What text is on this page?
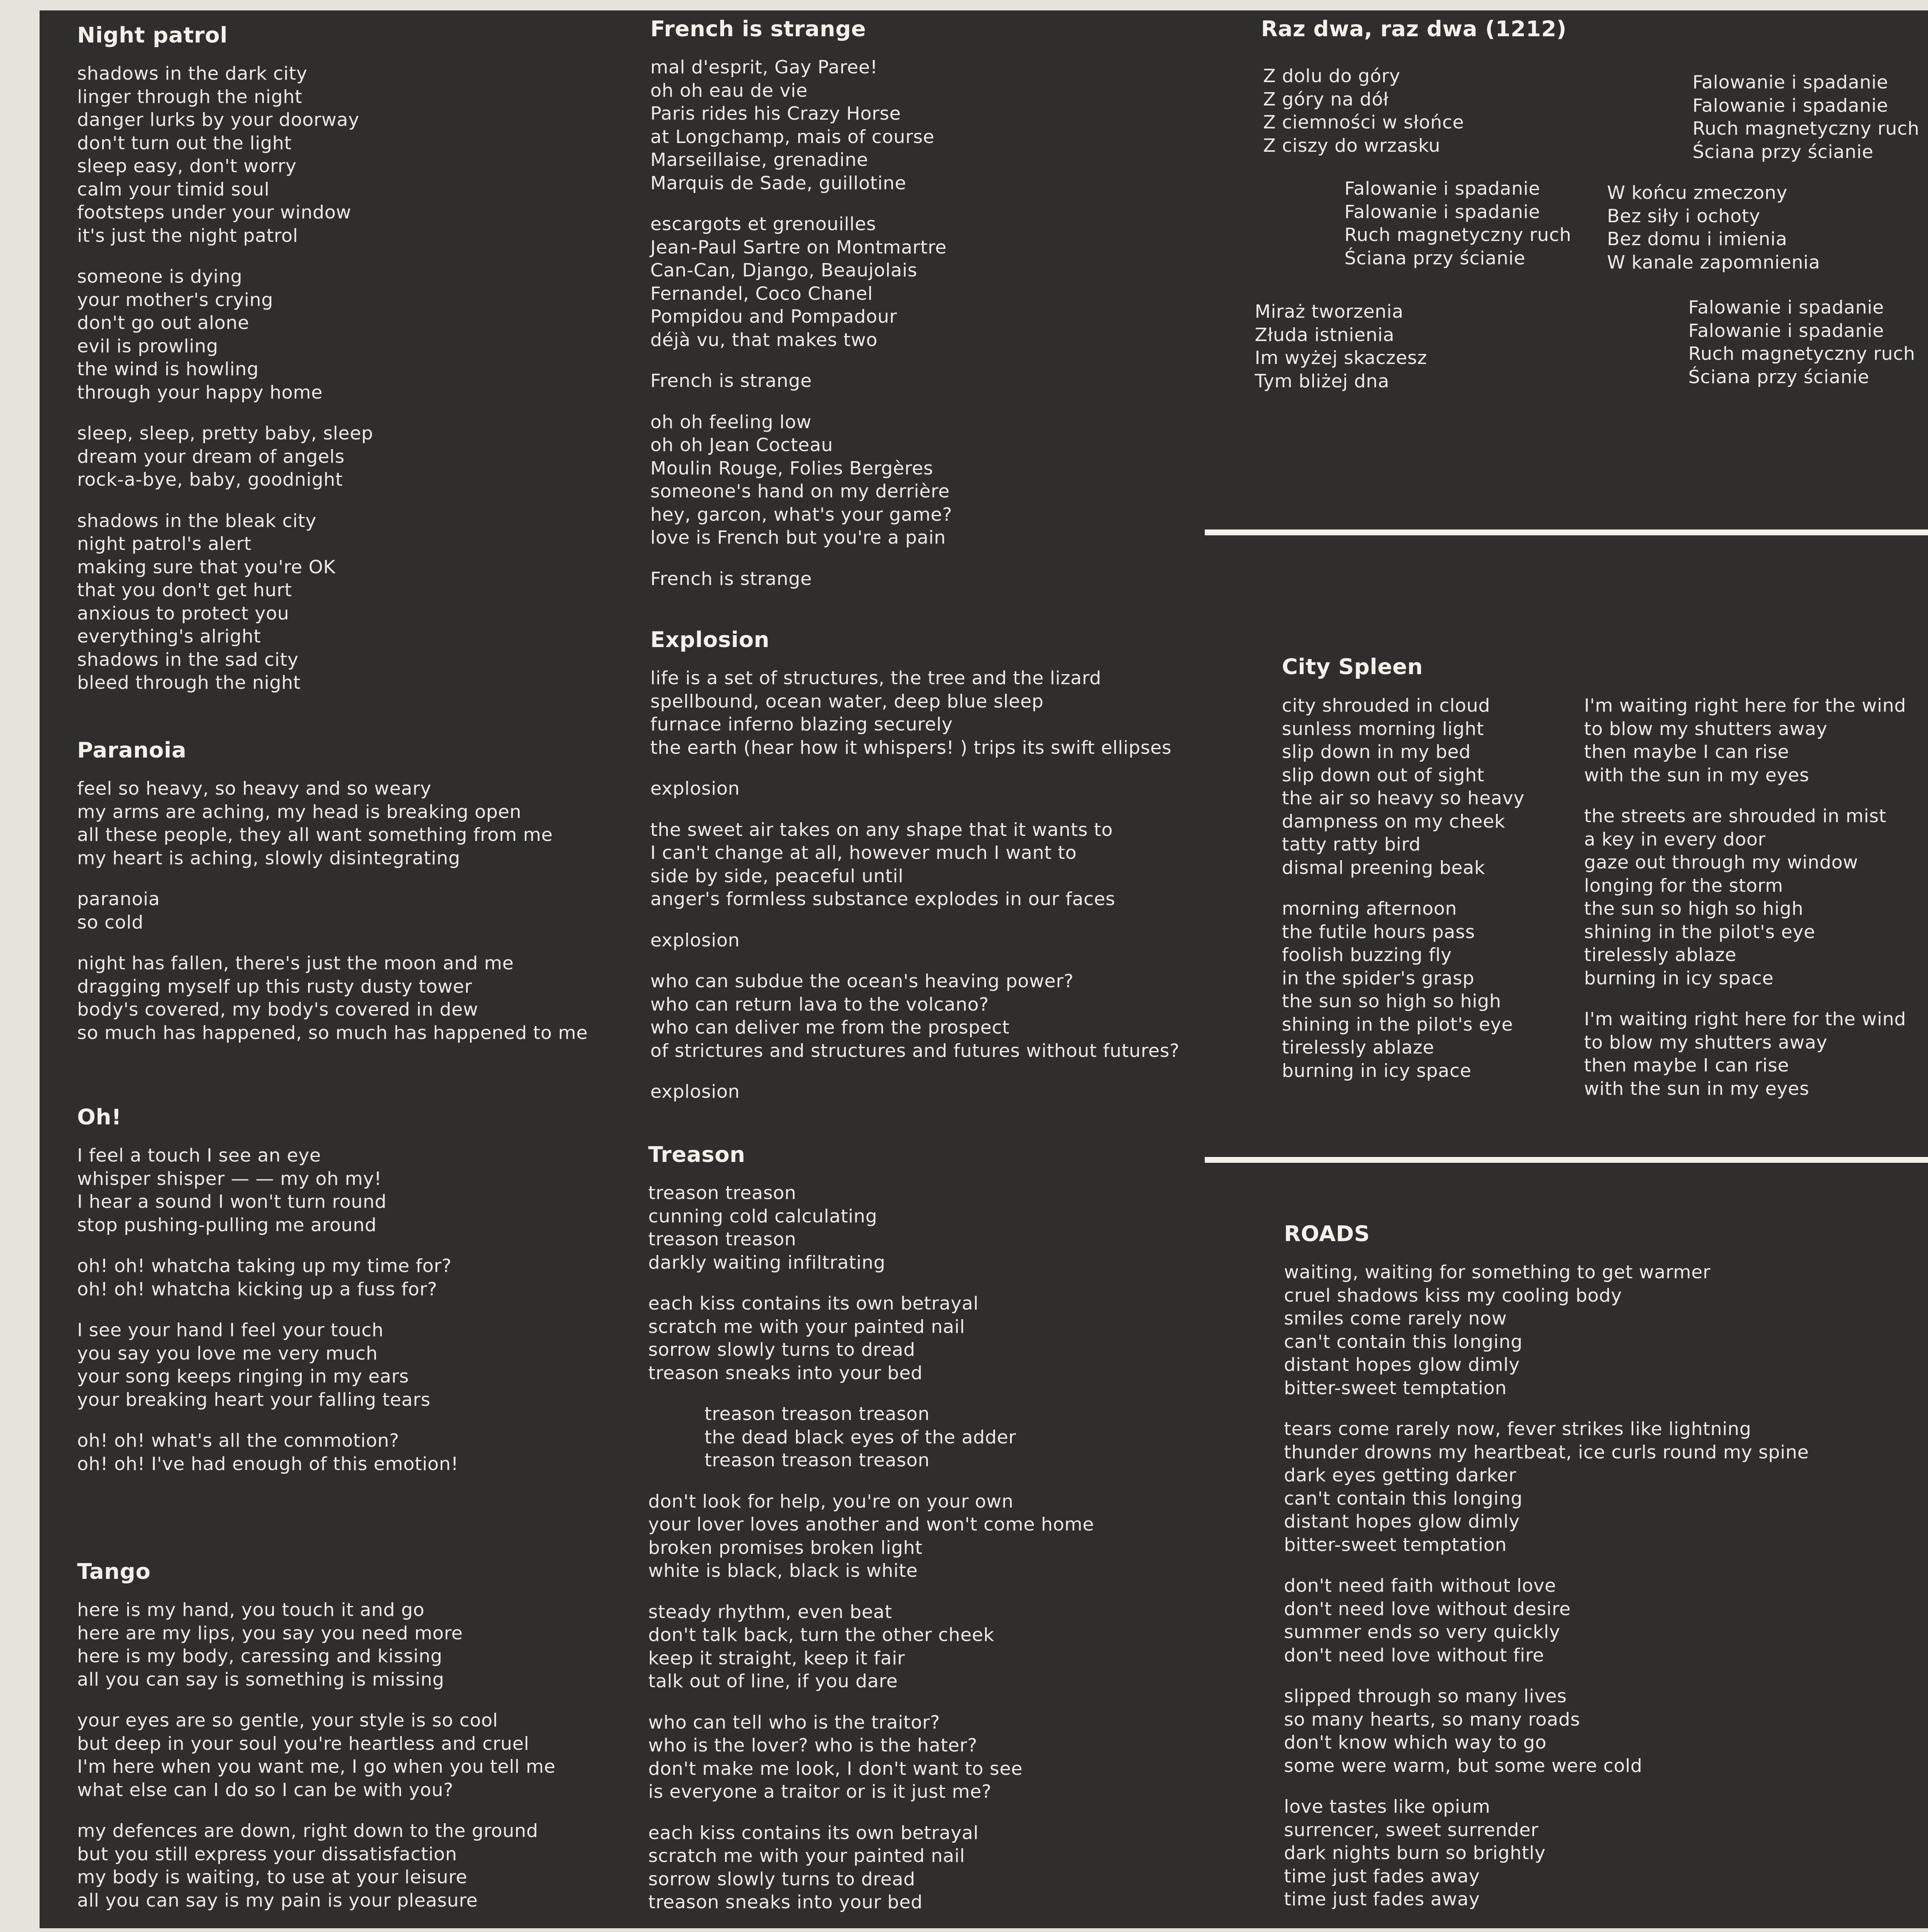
Night patrol
shadows in the dark city
linger through the night
danger lurks by your doorway
don't turn out the light
sleep easy, don't worry
calm your timid soul
footsteps under your window
it's just the night patrol
someone is dying
your mother's crying
don't go out alone
evil is prowling
the wind is howling
through your happy home
sleep, sleep, pretty baby, sleep
dream your dream of angels
rock-a-bye, baby, goodnight
shadows in the bleak city
night patrol's alert
making sure that you're OK
that you don't get hurt
anxious to protect you
everything's alright
shadows in the sad city
bleed through the night
Paranoia
feel so heavy, so heavy and so weary
my arms are aching, my head is breaking open
all these people, they all want something from me
my heart is aching, slowly disintegrating
paranoia
so cold
night has fallen, there's just the moon and me
dragging myself up this rusty dusty tower
body's covered, my body's covered in dew
so much has happened, so much has happened to me
Oh!
I feel a touch I see an eye
whisper shisper — — my oh my!
I hear a sound I won't turn round
stop pushing-pulling me around
oh! oh! whatcha taking up my time for?
oh! oh! whatcha kicking up a fuss for?
I see your hand I feel your touch
you say you love me very much
your song keeps ringing in my ears
your breaking heart your falling tears
oh! oh! what's all the commotion?
oh! oh! I've had enough of this emotion!
Tango
here is my hand, you touch it and go
here are my lips, you say you need more
here is my body, caressing and kissing
all you can say is something is missing
your eyes are so gentle, your style is so cool
but deep in your soul you're heartless and cruel
I'm here when you want me, I go when you tell me
what else can I do so I can be with you?
my defences are down, right down to the ground
but you still express your dissatisfaction
my body is waiting, to use at your leisure
all you can say is my pain is your pleasure
French is strange
mal d'esprit, Gay Paree!
oh oh eau de vie
Paris rides his Crazy Horse
at Longchamp, mais of course
Marseillaise, grenadine
Marquis de Sade, guillotine
escargots et grenouilles
Jean-Paul Sartre on Montmartre
Can-Can, Django, Beaujolais
Fernandel, Coco Chanel
Pompidou and Pompadour
déjà vu, that makes two
French is strange
oh oh feeling low
oh oh Jean Cocteau
Moulin Rouge, Folies Bergères
someone's hand on my derrière
hey, garcon, what's your game?
love is French but you're a pain
French is strange
Explosion
life is a set of structures, the tree and the lizard
spellbound, ocean water, deep blue sleep
furnace inferno blazing securely
the earth (hear how it whispers! ) trips its swift ellipses
explosion
the sweet air takes on any shape that it wants to
I can't change at all, however much I want to
side by side, peaceful until
anger's formless substance explodes in our faces
explosion
who can subdue the ocean's heaving power?
who can return lava to the volcano?
who can deliver me from the prospect
of strictures and structures and futures without futures?
explosion
Treason
treason treason
cunning cold calculating
treason treason
darkly waiting infiltrating
each kiss contains its own betrayal
scratch me with your painted nail
sorrow slowly turns to dread
treason sneaks into your bed
treason treason treason
the dead black eyes of the adder
treason treason treason
don't look for help, you're on your own
your lover loves another and won't come home
broken promises broken light
white is black, black is white
steady rhythm, even beat
don't talk back, turn the other cheek
keep it straight, keep it fair
talk out of line, if you dare
who can tell who is the traitor?
who is the lover? who is the hater?
don't make me look, I don't want to see
is everyone a traitor or is it just me?
each kiss contains its own betrayal
scratch me with your painted nail
sorrow slowly turns to dread
treason sneaks into your bed
Raz dwa, raz dwa (1212)
Z dolu do góry
Z góry na dół
Z ciemności w słońce
Z ciszy do wrzasku
Falowanie i spadanie
Falowanie i spadanie
Ruch magnetyczny ruch
Ściana przy ścianie
Falowanie i spadanie
Falowanie i spadanie
Ruch magnetyczny ruch
Ściana przy ścianie
W końcu zmeczony
Bez siły i ochoty
Bez domu i imienia
W kanale zapomnienia
Miraż tworzenia
Złuda istnienia
Im wyżej skaczesz
Tym bliżej dna
Falowanie i spadanie
Falowanie i spadanie
Ruch magnetyczny ruch
Ściana przy ścianie
City Spleen
city shrouded in cloud
sunless morning light
slip down in my bed
slip down out of sight
the air so heavy so heavy
dampness on my cheek
tatty ratty bird
dismal preening beak
morning afternoon
the futile hours pass
foolish buzzing fly
in the spider's grasp
the sun so high so high
shining in the pilot's eye
tirelessly ablaze
burning in icy space
I'm waiting right here for the wind
to blow my shutters away
then maybe I can rise
with the sun in my eyes
the streets are shrouded in mist
a key in every door
gaze out through my window
longing for the storm
the sun so high so high
shining in the pilot's eye
tirelessly ablaze
burning in icy space
I'm waiting right here for the wind
to blow my shutters away
then maybe I can rise
with the sun in my eyes
ROADS
waiting, waiting for something to get warmer
cruel shadows kiss my cooling body
smiles come rarely now
can't contain this longing
distant hopes glow dimly
bitter-sweet temptation
tears come rarely now, fever strikes like lightning
thunder drowns my heartbeat, ice curls round my spine
dark eyes getting darker
can't contain this longing
distant hopes glow dimly
bitter-sweet temptation
don't need faith without love
don't need love without desire
summer ends so very quickly
don't need love without fire
slipped through so many lives
so many hearts, so many roads
don't know which way to go
some were warm, but some were cold
love tastes like opium
surrencer, sweet surrender
dark nights burn so brightly
time just fades away
time just fades away
